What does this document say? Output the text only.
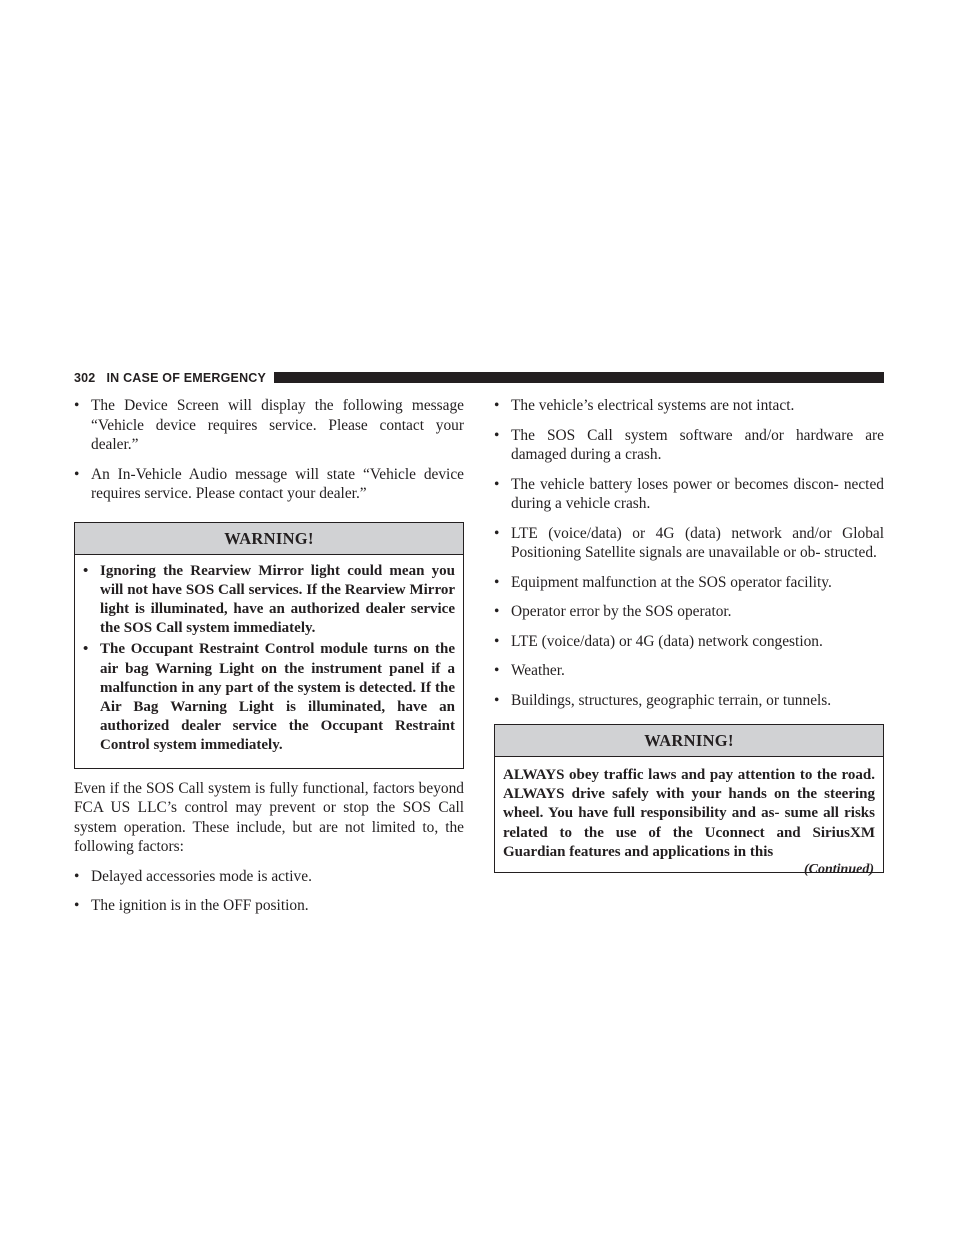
302 IN CASE OF EMERGENCY
• The Device Screen will display the following message “Vehicle device requires service. Please contact your dealer.”
• An In-Vehicle Audio message will state “Vehicle device requires service. Please contact your dealer.”
WARNING!
• Ignoring the Rearview Mirror light could mean you will not have SOS Call services. If the Rearview Mirror light is illuminated, have an authorized dealer service the SOS Call system immediately.
• The Occupant Restraint Control module turns on the air bag Warning Light on the instrument panel if a malfunction in any part of the system is detected. If the Air Bag Warning Light is illuminated, have an authorized dealer service the Occupant Restraint Control system immediately.

Even if the SOS Call system is fully functional, factors beyond FCA US LLC’s control may prevent or stop the SOS Call system operation. These include, but are not limited to, the following factors:

• Delayed accessories mode is active.
• The ignition is in the OFF position.
• The vehicle’s electrical systems are not intact.
• The SOS Call system software and/or hardware are damaged during a crash.
• The vehicle battery loses power or becomes discon- nected during a vehicle crash.
• LTE (voice/data) or 4G (data) network and/or Global Positioning Satellite signals are unavailable or ob- structed.
• Equipment malfunction at the SOS operator facility.
• Operator error by the SOS operator.
• LTE (voice/data) or 4G (data) network congestion.
• Weather.
• Buildings, structures, geographic terrain, or tunnels.
WARNING!
ALWAYS obey traffic laws and pay attention to the road. ALWAYS drive safely with your hands on the steering wheel. You have full responsibility and as- sume all risks related to the use of the Uconnect and SiriusXM Guardian features and applications in this
(Continued)
